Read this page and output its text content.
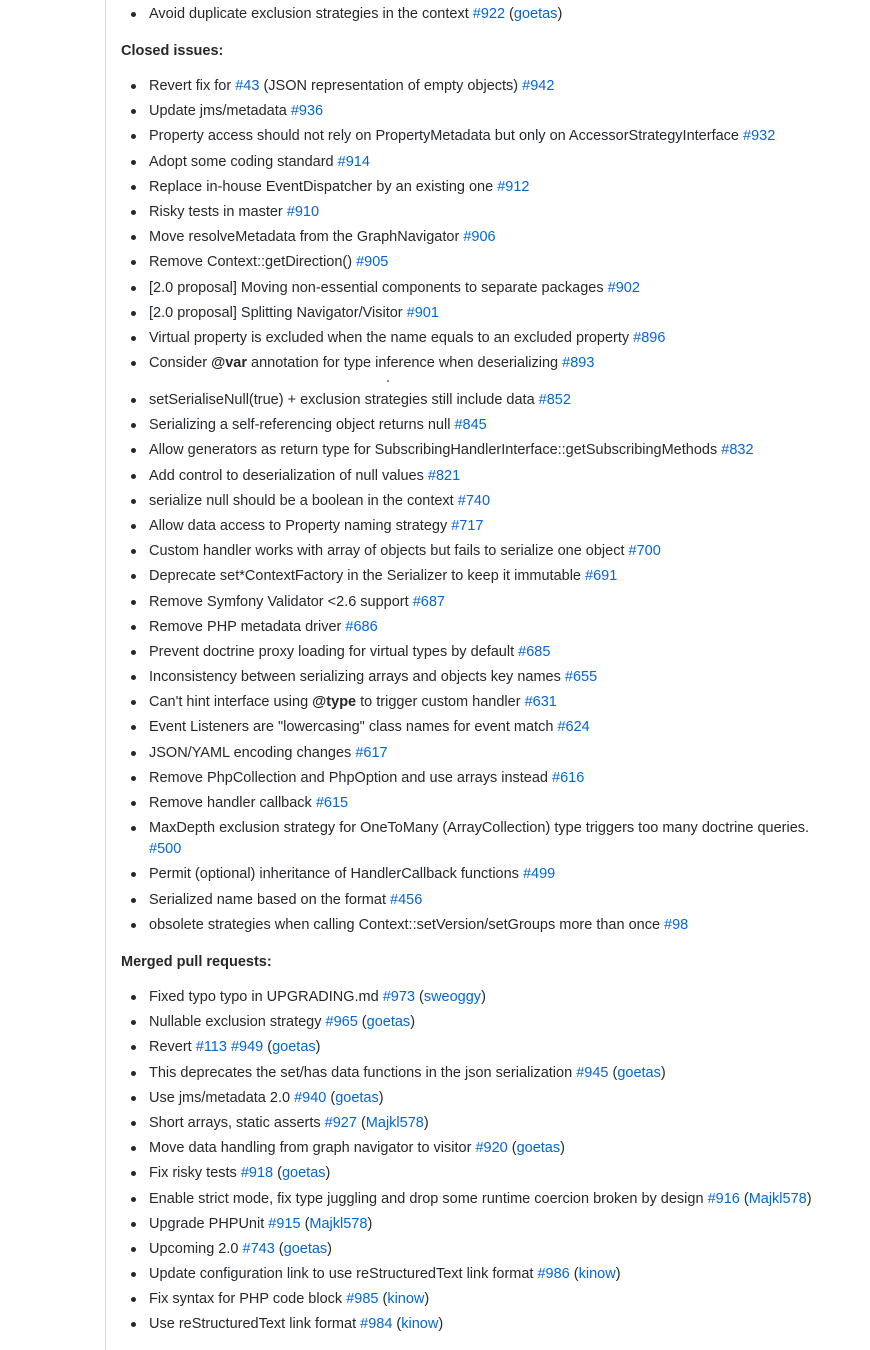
Avoid duplicate exclusion strategies in the context #922 (goetas)
Closed issues:
Revert fix for #43 (JSON representation of empty objects) #942
Update jms/metadata #936
Property access should not rely on PropertyMetadata but only on AccessorStrategyInterface #932
Adopt some coding standard #914
Replace in-house EventDispatcher by an existing one #912
Risky tests in master #910
Move resolveMetadata from the GraphNavigator #906
Remove Context::getDirection() #905
[2.0 proposal] Moving non-essential components to separate packages #902
[2.0 proposal] Splitting Navigator/Visitor #901
Virtual property is excluded when the name equals to an excluded property #896
Consider @var annotation for type inference when deserializing #893
setSerialiseNull(true) + exclusion strategies still include data #852
Serializing a self-referencing object returns null #845
Allow generators as return type for SubscribingHandlerInterface::getSubscribingMethods #832
Add control to deserialization of null values #821
serialize null should be a boolean in the context #740
Allow data access to Property naming strategy #717
Custom handler works with array of objects but fails to serialize one object #700
Deprecate set*ContextFactory in the Serializer to keep it immutable #691
Remove Symfony Validator <2.6 support #687
Remove PHP metadata driver #686
Prevent doctrine proxy loading for virtual types by default #685
Inconsistency between serializing arrays and objects key names #655
Can't hint interface using @type to trigger custom handler #631
Event Listeners are "lowercasing" class names for event match #624
JSON/YAML encoding changes #617
Remove PhpCollection and PhpOption and use arrays instead #616
Remove handler callback #615
MaxDepth exclusion strategy for OneToMany (ArrayCollection) type triggers too many doctrine queries. #500
Permit (optional) inheritance of HandlerCallback functions #499
Serialized name based on the format #456
obsolete strategies when calling Context::setVersion/setGroups more than once #98
Merged pull requests:
Fixed typo typo in UPGRADING.md #973 (sweoggy)
Nullable exclusion strategy #965 (goetas)
Revert #113 #949 (goetas)
This deprecates the set/has data functions in the json serialization #945 (goetas)
Use jms/metadata 2.0 #940 (goetas)
Short arrays, static asserts #927 (Majkl578)
Move data handling from graph navigator to visitor #920 (goetas)
Fix risky tests #918 (goetas)
Enable strict mode, fix type juggling and drop some runtime coercion broken by design #916 (Majkl578)
Upgrade PHPUnit #915 (Majkl578)
Upcoming 2.0 #743 (goetas)
Update configuration link to use reStructuredText link format #986 (kinow)
Fix syntax for PHP code block #985 (kinow)
Use reStructuredText link format #984 (kinow)
